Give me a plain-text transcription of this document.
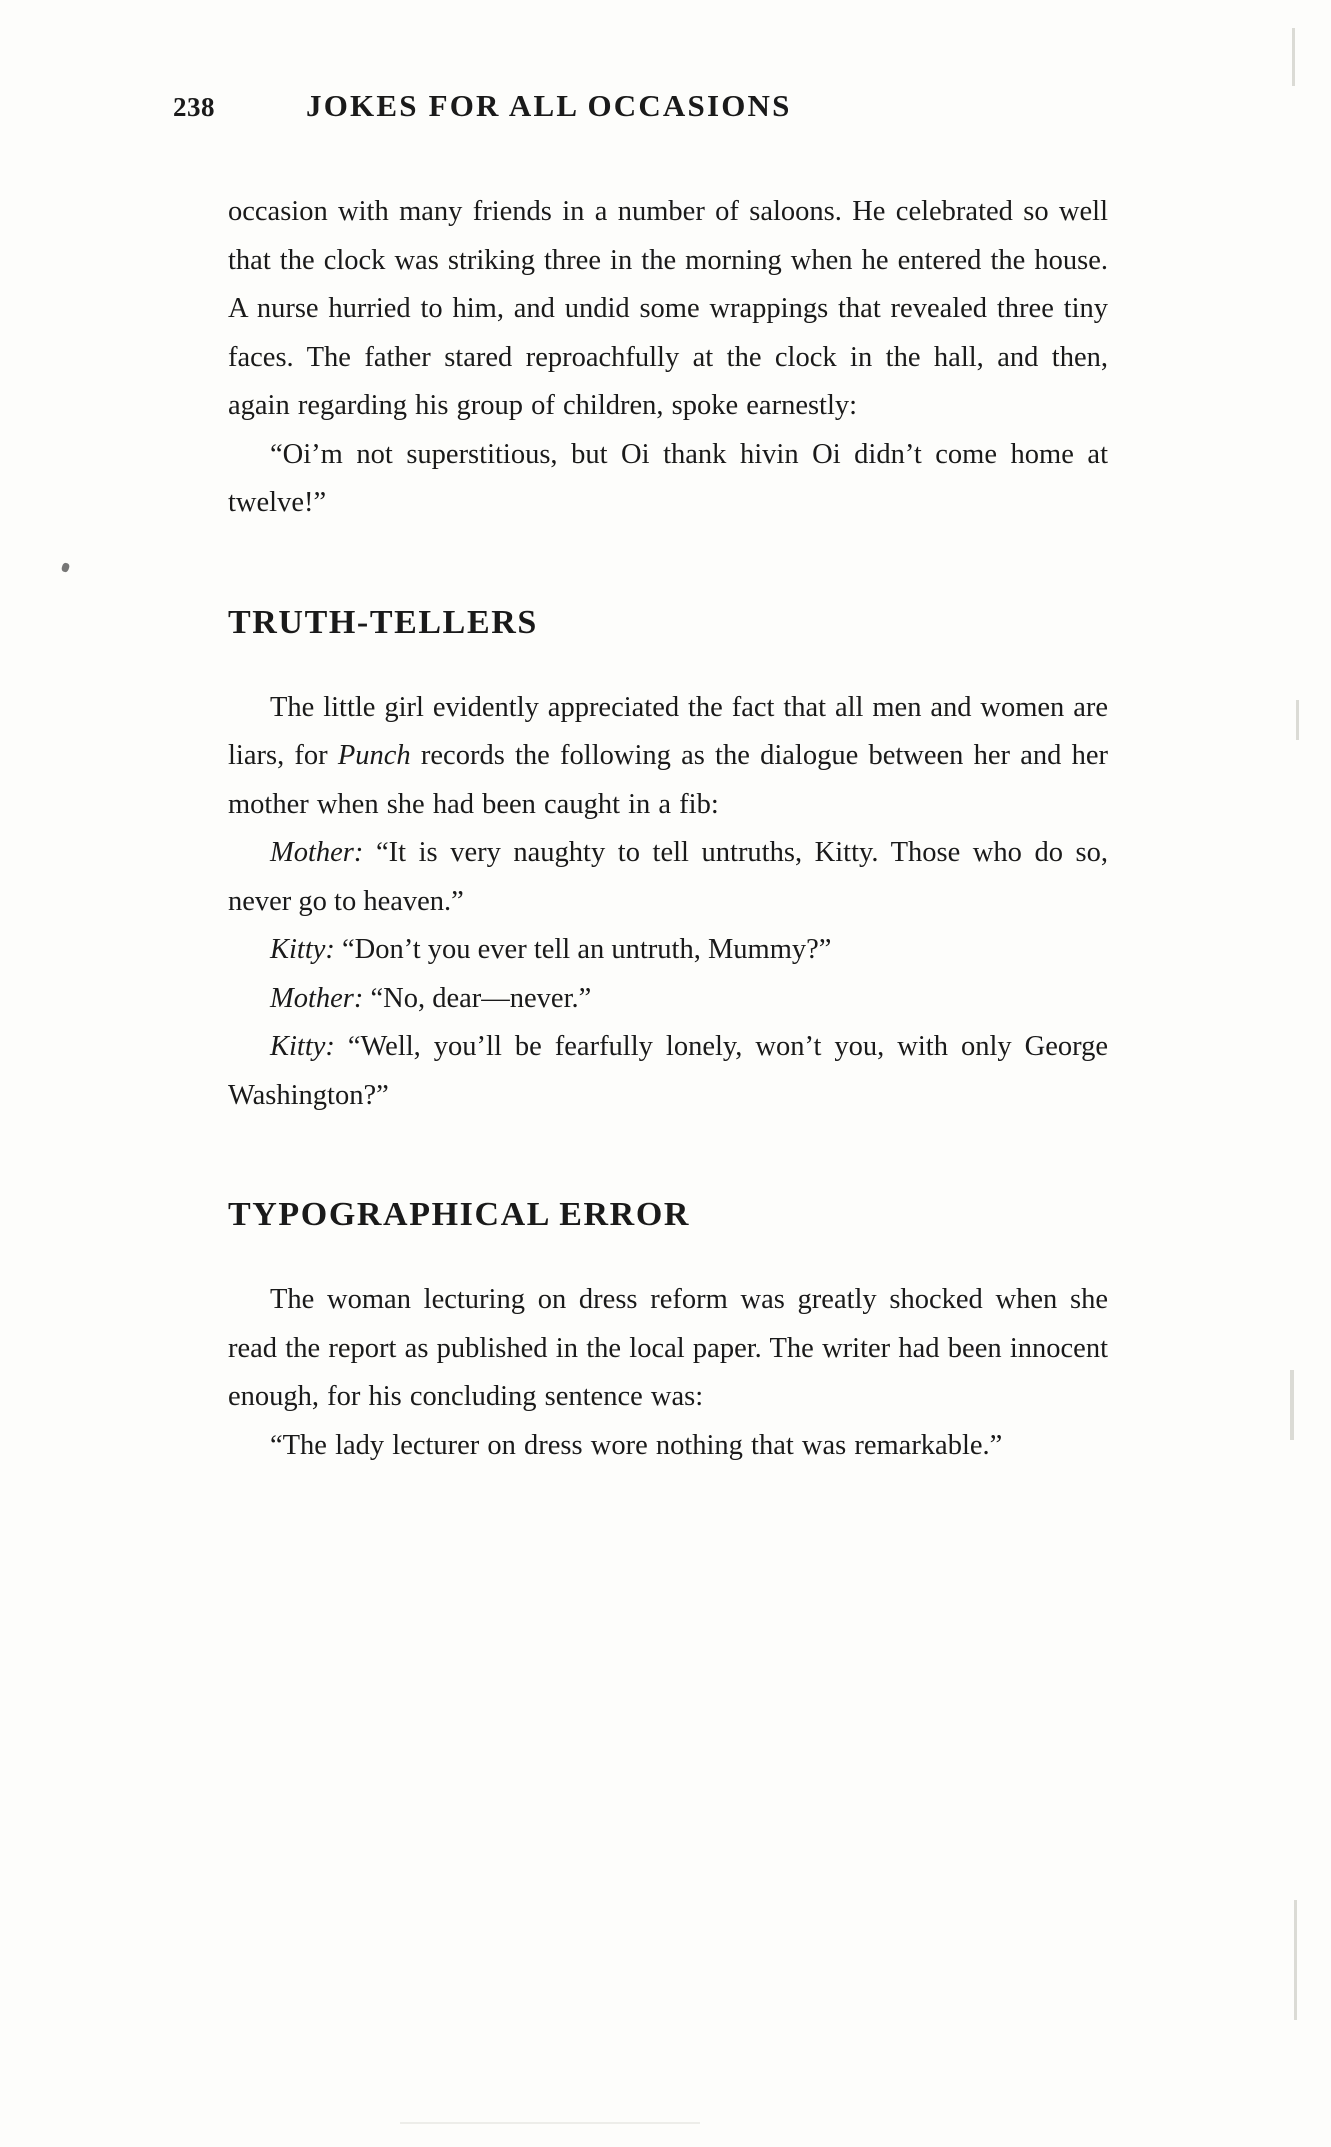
238	JOKES FOR ALL OCCASIONS

occasion with many friends in a number of saloons. He celebrated so well that the clock was striking three in the morning when he entered the house. A nurse hurried to him, and undid some wrappings that revealed three tiny faces. The father stared reproachfully at the clock in the hall, and then, again regarding his group of children, spoke earnestly:

“Oi’m not superstitious, but Oi thank hivin Oi didn’t come home at twelve!”

TRUTH-TELLERS

The little girl evidently appreciated the fact that all men and women are liars, for Punch records the following as the dialogue between her and her mother when she had been caught in a fib:

Mother: “It is very naughty to tell untruths, Kitty. Those who do so, never go to heaven.”

Kitty: “Don’t you ever tell an untruth, Mummy?”

Mother: “No, dear—never.”

Kitty: “Well, you’ll be fearfully lonely, won’t you, with only George Washington?”

TYPOGRAPHICAL ERROR

The woman lecturing on dress reform was greatly shocked when she read the report as published in the local paper. The writer had been innocent enough, for his concluding sentence was:

“The lady lecturer on dress wore nothing that was remarkable.”
